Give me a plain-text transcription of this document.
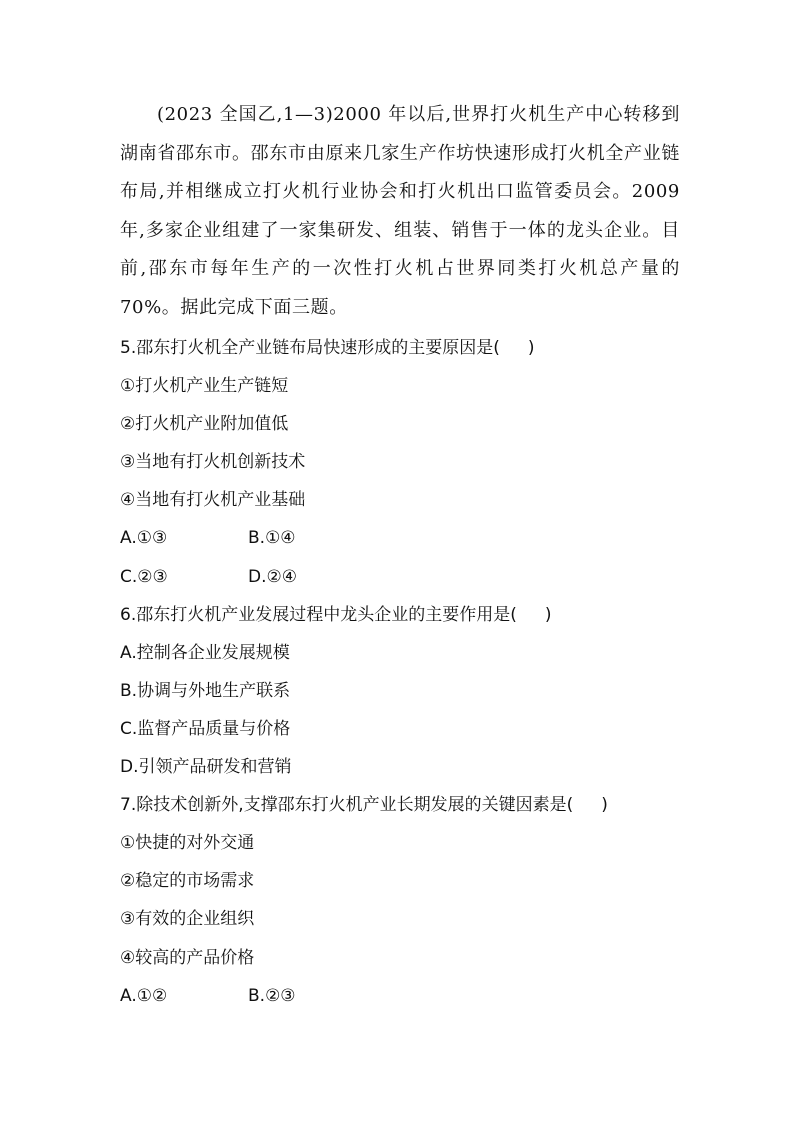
(2023 全国乙,1—3)2000 年以后,世界打火机生产中心转移到湖南省邵东市。邵东市由原来几家生产作坊快速形成打火机全产业链布局,并相继成立打火机行业协会和打火机出口监管委员会。2009 年,多家企业组建了一家集研发、组装、销售于一体的龙头企业。目前,邵东市每年生产的一次性打火机占世界同类打火机总产量的70%。据此完成下面三题。

5.邵东打火机全产业链布局快速形成的主要原因是( )
①打火机产业生产链短
②打火机产业附加值低
③当地有打火机创新技术
④当地有打火机产业基础
A.①③	B.①④
C.②③	D.②④
6.邵东打火机产业发展过程中龙头企业的主要作用是( )
A.控制各企业发展规模
B.协调与外地生产联系
C.监督产品质量与价格
D.引领产品研发和营销
7.除技术创新外,支撑邵东打火机产业长期发展的关键因素是( )
①快捷的对外交通
②稳定的市场需求
③有效的企业组织
④较高的产品价格
A.①②	B.②③
